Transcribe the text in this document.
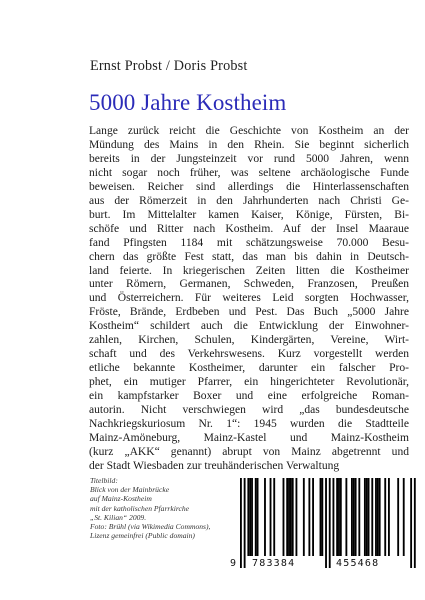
Ernst Probst / Doris Probst
5000 Jahre Kostheim
Lange zurück reicht die Geschichte von Kostheim an der
Mündung des Mains in den Rhein. Sie beginnt sicherlich
bereits in der Jungsteinzeit vor rund 5000 Jahren, wenn
nicht sogar noch früher, was seltene archäologische Funde
beweisen. Reicher sind allerdings die Hinterlassenschaften
aus der Römerzeit in den Jahrhunderten nach Christi Ge-
burt. Im Mittelalter kamen Kaiser, Könige, Fürsten, Bi-
schöfe und Ritter nach Kostheim. Auf der Insel Maaraue
fand Pfingsten 1184 mit schätzungsweise 70.000 Besu-
chern das größte Fest statt, das man bis dahin in Deutsch-
land feierte. In kriegerischen Zeiten litten die Kostheimer
unter Römern, Germanen, Schweden, Franzosen, Preußen
und Österreichern. Für weiteres Leid sorgten Hochwasser,
Fröste, Brände, Erdbeben und Pest. Das Buch „5000 Jahre
Kostheim“ schildert auch die Entwicklung der Einwohner-
zahlen, Kirchen, Schulen, Kindergärten, Vereine, Wirt-
schaft und des Verkehrswesens. Kurz vorgestellt werden
etliche bekannte Kostheimer, darunter ein falscher Pro-
phet, ein mutiger Pfarrer, ein hingerichteter Revolutionär,
ein kampfstarker Boxer und eine erfolgreiche Roman-
autorin. Nicht verschwiegen wird „das bundesdeutsche
Nachkriegskuriosum Nr. 1“: 1945 wurden die Stadtteile
Mainz-Amöneburg, Mainz-Kastel und Mainz-Kostheim
(kurz „AKK“ genannt) abrupt von Mainz abgetrennt und
der Stadt Wiesbaden zur treuhänderischen Verwaltung
Titelbild:
Blick von der Mainbrücke
auf Mainz-Kostheim
mit der katholischen Pfarrkirche
„St. Kilian“ 2009.
Foto: Brühl (via Wikimedia Commons),
Lizenz gemeinfrei (Public domain)
9 783384	455468
